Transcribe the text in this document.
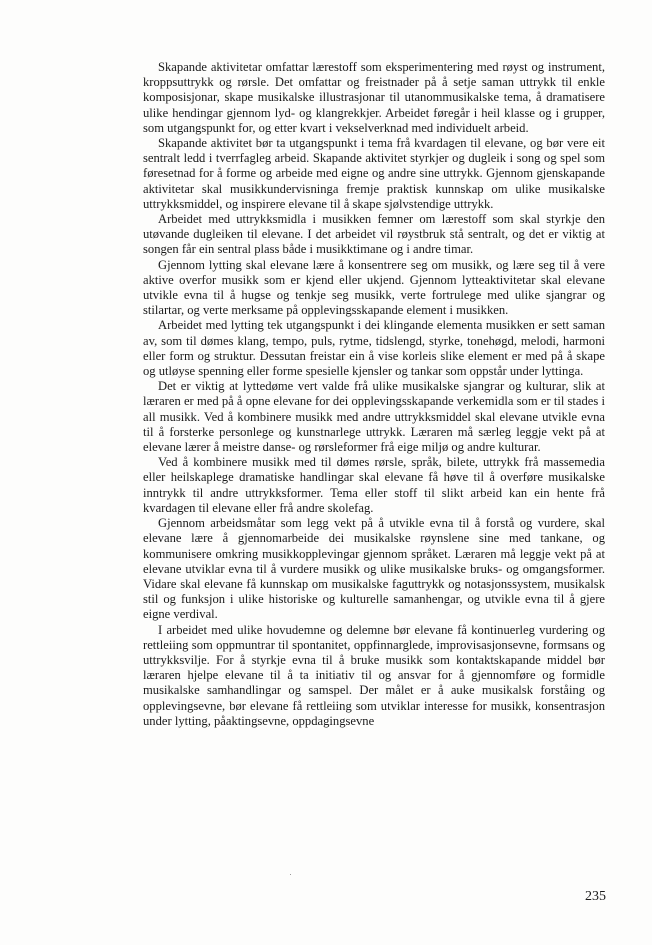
Skapande aktivitetar omfattar lærestoff som eksperimentering med røyst og instrument, kroppsuttrykk og rørsle. Det omfattar og freistnader på å setje saman uttrykk til enkle komposisjonar, skape musikalske illustrasjonar til utanommusikalske tema, å dramatisere ulike hendingar gjennom lyd- og klangrekkjer. Arbeidet føregår i heil klasse og i grupper, som utgangspunkt for, og etter kvart i vekselverknad med individuelt arbeid.

Skapande aktivitet bør ta utgangspunkt i tema frå kvardagen til elevane, og bør vere eit sentralt ledd i tverrfagleg arbeid. Skapande aktivitet styrkjer og dugleik i song og spel som føresetnad for å forme og arbeide med eigne og andre sine uttrykk. Gjennom gjenskapande aktivitetar skal musikkundervisninga fremje praktisk kunnskap om ulike musikalske uttrykksmiddel, og inspirere elevane til å skape sjølvstendige uttrykk.

Arbeidet med uttrykksmidla i musikken femner om lærestoff som skal styrkje den utøvande dugleiken til elevane. I det arbeidet vil røystbruk stå sentralt, og det er viktig at songen får ein sentral plass både i musikktimane og i andre timar.

Gjennom lytting skal elevane lære å konsentrere seg om musikk, og lære seg til å vere aktive overfor musikk som er kjend eller ukjend. Gjennom lytteaktivitetar skal elevane utvikle evna til å hugse og tenkje seg musikk, verte fortrulege med ulike sjangrar og stilartar, og verte merksame på opplevingsskapande element i musikken.

Arbeidet med lytting tek utgangspunkt i dei klingande elementa musikken er sett saman av, som til dømes klang, tempo, puls, rytme, tidslengd, styrke, tonehøgd, melodi, harmoni eller form og struktur. Dessutan freistar ein å vise korleis slike element er med på å skape og utløyse spenning eller forme spesielle kjensler og tankar som oppstår under lyttinga.

Det er viktig at lyttedømе vert valde frå ulike musikalske sjangrar og kulturar, slik at læraren er med på å opne elevane for dei opplevingsskapande verkemidla som er til stades i all musikk. Ved å kombinere musikk med andre uttrykksmiddel skal elevane utvikle evna til å forsterke personlege og kunstnarlege uttrykk. Læraren må særleg leggje vekt på at elevane lærer å meistre danse- og rørsleformer frå eige miljø og andre kulturar.

Ved å kombinere musikk med til dømes rørsle, språk, bilete, uttrykk frå massemedia eller heilskaplege dramatiske handlingar skal elevane få høve til å overføre musikalske inntrykk til andre uttrykksformer. Tema eller stoff til slikt arbeid kan ein hente frå kvardagen til elevane eller frå andre skolefag.

Gjennom arbeidsmåtar som legg vekt på å utvikle evna til å forstå og vurdere, skal elevane lære å gjennomarbeide dei musikalske røynslene sine med tankane, og kommunisere omkring musikkopplevingar gjennom språket. Læraren må leggje vekt på at elevane utviklar evna til å vurdere musikk og ulike musikalske bruks- og omgangsformer. Vidare skal elevane få kunnskap om musikalske faguttrykk og notasjonssystem, musikalsk stil og funksjon i ulike historiske og kulturelle samanhengar, og utvikle evna til å gjere eigne verdival.

I arbeidet med ulike hovudemne og delemne bør elevane få kontinuerleg vurdering og rettleiing som oppmuntrar til spontanitet, oppfinnarglede, improvisasjonsevne, formsans og uttrykksvilje. For å styrkje evna til å bruke musikk som kontaktskapande middel bør læraren hjelpe elevane til å ta initiativ til og ansvar for å gjennomføre og formidle musikalske samhandlingar og samspel. Der målet er å auke musikalsk forståing og opplevingsevne, bør elevane få rettleiing som utviklar interesse for musikk, konsentrasjon under lytting, påaktingsevne, oppdagingsevne

235
